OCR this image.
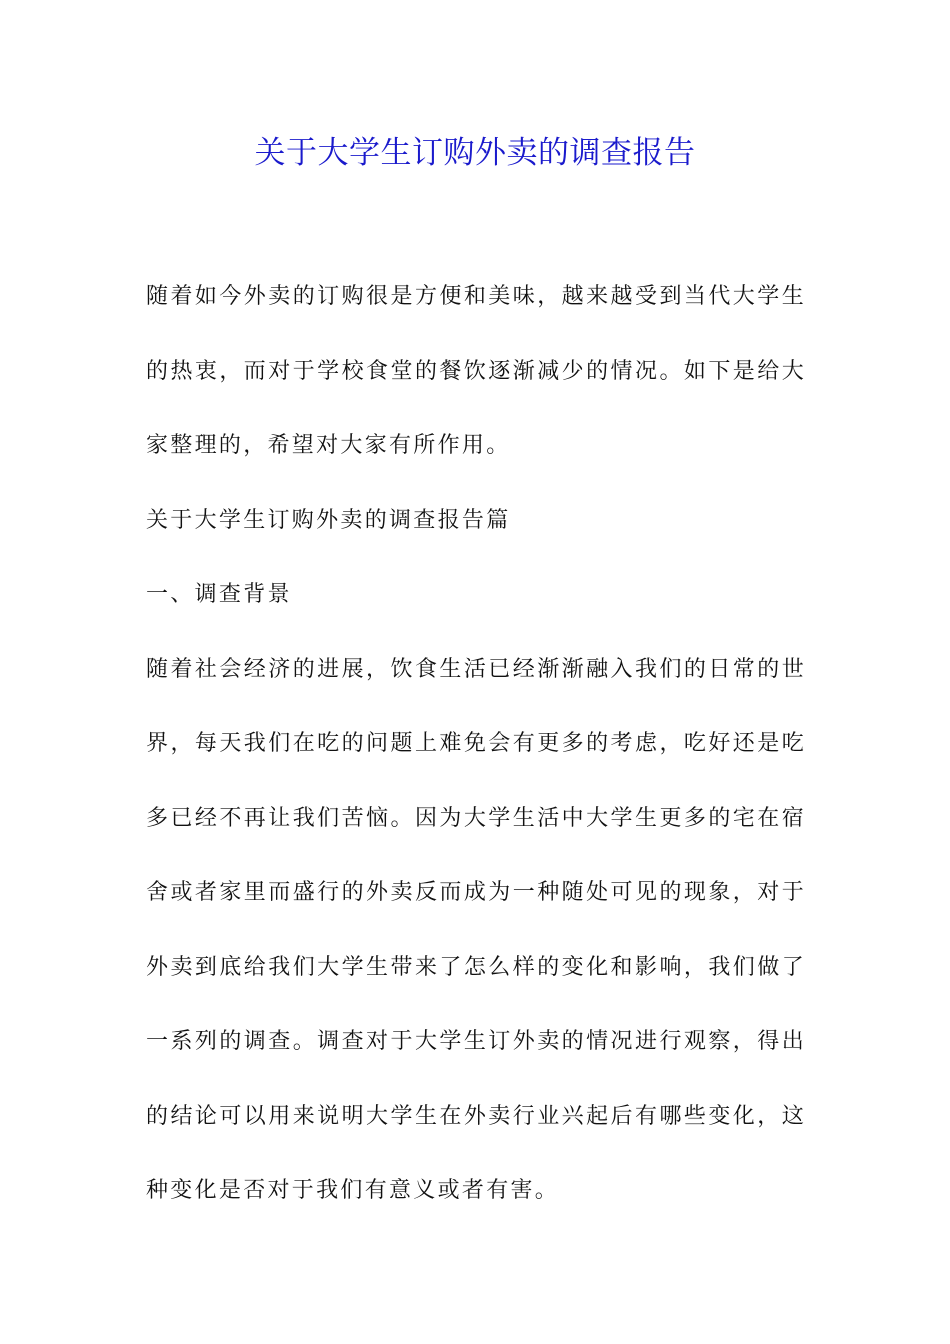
关于大学生订购外卖的调查报告

随着如今外卖的订购很是方便和美味，越来越受到当代大学生的热衷，而对于学校食堂的餐饮逐渐减少的情况。如下是给大家整理的，希望对大家有所作用。

关于大学生订购外卖的调查报告篇

一、调查背景

随着社会经济的进展，饮食生活已经渐渐融入我们的日常的世界，每天我们在吃的问题上难免会有更多的考虑，吃好还是吃多已经不再让我们苦恼。因为大学生活中大学生更多的宅在宿舍或者家里而盛行的外卖反而成为一种随处可见的现象，对于外卖到底给我们大学生带来了怎么样的变化和影响，我们做了一系列的调查。调查对于大学生订外卖的情况进行观察，得出的结论可以用来说明大学生在外卖行业兴起后有哪些变化，这种变化是否对于我们有意义或者有害。
